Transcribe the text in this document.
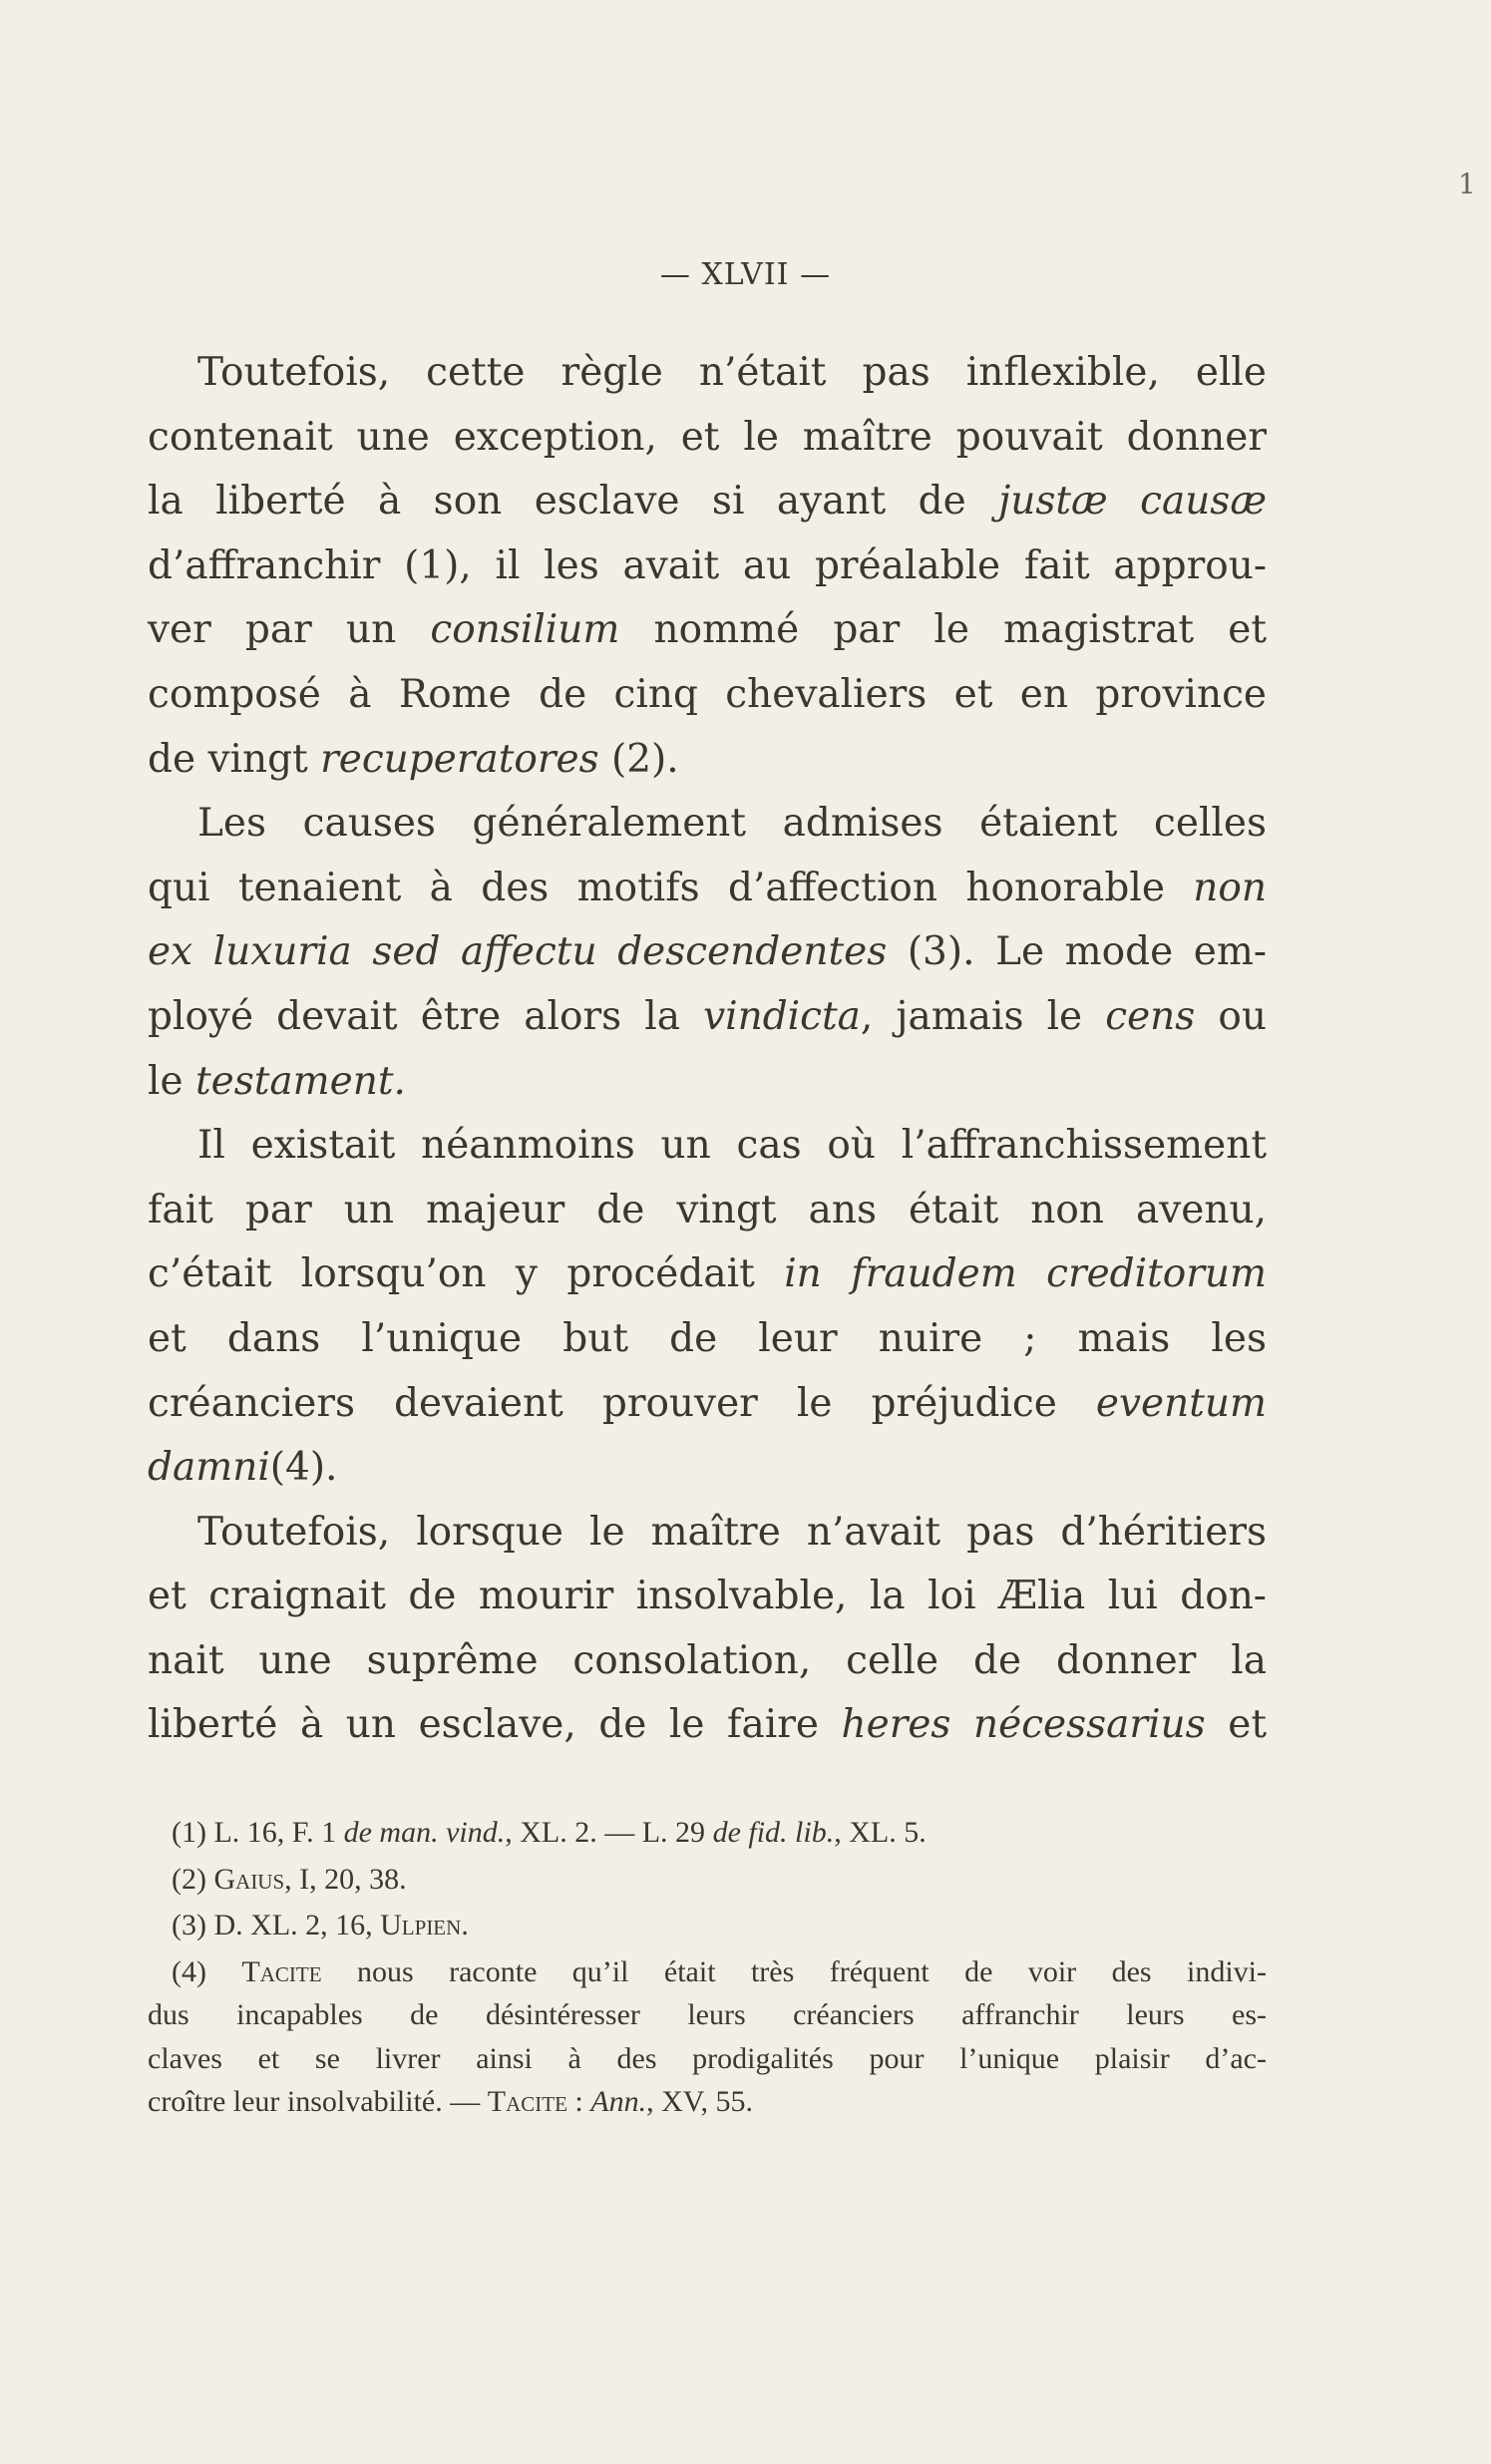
1
— XLVII —
Toutefois, cette règle n’était pas inflexible, elle
contenait une exception, et le maître pouvait donner
la liberté à son esclave si ayant de justæ causæ
d’affranchir (1), il les avait au préalable fait approu-
ver par un consilium nommé par le magistrat et
composé à Rome de cinq chevaliers et en province
de vingt recuperatores (2).
Les causes généralement admises étaient celles
qui tenaient à des motifs d’affection honorable non
ex luxuria sed affectu descendentes (3). Le mode em-
ployé devait être alors la vindicta, jamais le cens ou
le testament.
Il existait néanmoins un cas où l’affranchissement
fait par un majeur de vingt ans était non avenu,
c’était lorsqu’on y procédait in fraudem creditorum
et dans l’unique but de leur nuire ; mais les
créanciers devaient prouver le préjudice eventum
damni(4).
Toutefois, lorsque le maître n’avait pas d’héritiers
et craignait de mourir insolvable, la loi Ælia lui don-
nait une suprême consolation, celle de donner la
liberté à un esclave, de le faire heres nécessarius et
(1) L. 16, F. 1 de man. vind., XL. 2. — L. 29 de fid. lib., XL. 5.
(2) Gaius, I, 20, 38.
(3) D. XL. 2, 16, Ulpien.
(4) Tacite nous raconte qu’il était très fréquent de voir des indivi-
dus incapables de désintéresser leurs créanciers affranchir leurs es-
claves et se livrer ainsi à des prodigalités pour l’unique plaisir d’ac-
croître leur insolvabilité. — Tacite : Ann., XV, 55.
